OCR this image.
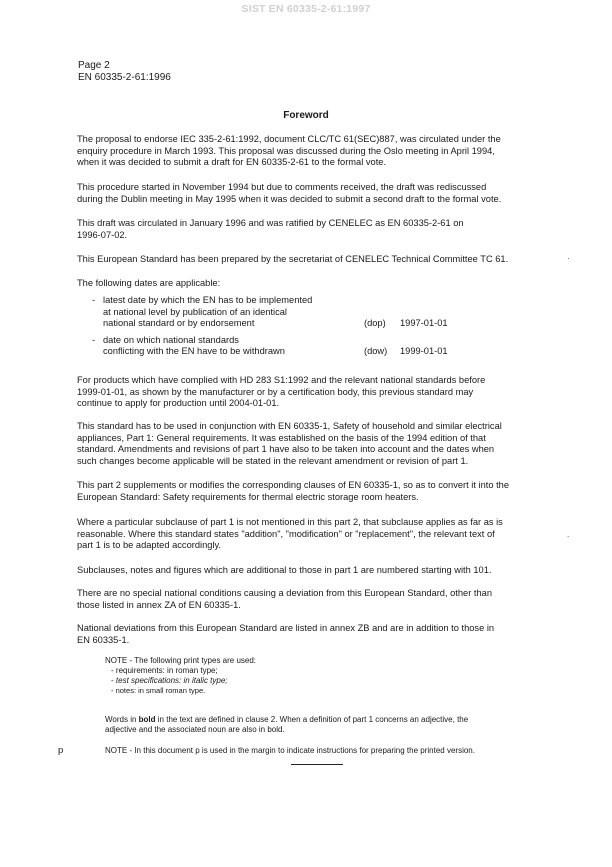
SIST EN 60335-2-61:1997
Page 2
EN 60335-2-61:1996
Foreword
The proposal to endorse IEC 335-2-61:1992, document CLC/TC 61(SEC)887, was circulated under the
enquiry procedure in March 1993. This proposal was discussed during the Oslo meeting in April 1994,
when it was decided to submit a draft for EN 60335-2-61 to the formal vote.
This procedure started in November 1994 but due to comments received, the draft was rediscussed
during the Dublin meeting in May 1995 when it was decided to submit a second draft to the formal vote.
This draft was circulated in January 1996 and was ratified by CENELEC as EN 60335-2-61 on
1996-07-02.
This European Standard has been prepared by the secretariat of CENELEC Technical Committee TC 61.	·
The following dates are applicable:
- latest date by which the EN has to be implemented
at national level by publication of an identical
national standard or by endorsement	(dop) 1997-01-01
- date on which national standards
conflicting with the EN have to be withdrawn	(dow) 1999-01-01
For products which have complied with HD 283 S1:1992 and the relevant national standards before
1999-01-01, as shown by the manufacturer or by a certification body, this previous standard may
continue to apply for production until 2004-01-01.
This standard has to be used in conjunction with EN 60335-1, Safety of household and similar electrical
appliances, Part 1: General requirements. It was established on the basis of the 1994 edition of that
standard. Amendments and revisions of part 1 have also to be taken into account and the dates when
such changes become applicable will be stated in the relevant amendment or revision of part 1.
This part 2 supplements or modifies the corresponding clauses of EN 60335-1, so as to convert it into the
European Standard: Safety requirements for thermal electric storage room heaters.
Where a particular subclause of part 1 is not mentioned in this part 2, that subclause applies as far as is
reasonable. Where this standard states "addition", "modification" or "replacement", the relevant text of
part 1 is to be adapted accordingly.
.
Subclauses, notes and figures which are additional to those in part 1 are numbered starting with 101.
There are no special national conditions causing a deviation from this European Standard, other than
those listed in annex ZA of EN 60335-1.
National deviations from this European Standard are listed in annex ZB and are in addition to those in
EN 60335-1.
NOTE - The following print types are used:
- requirements: in roman type;
- test specifications: in italic type;
- notes: in small roman type.
Words in bold in the text are defined in clause 2. When a definition of part 1 concerns an adjective, the
adjective and the associated noun are also in bold.
p	NOTE - In this document p is used in the margin to indicate instructions for preparing the printed version.
